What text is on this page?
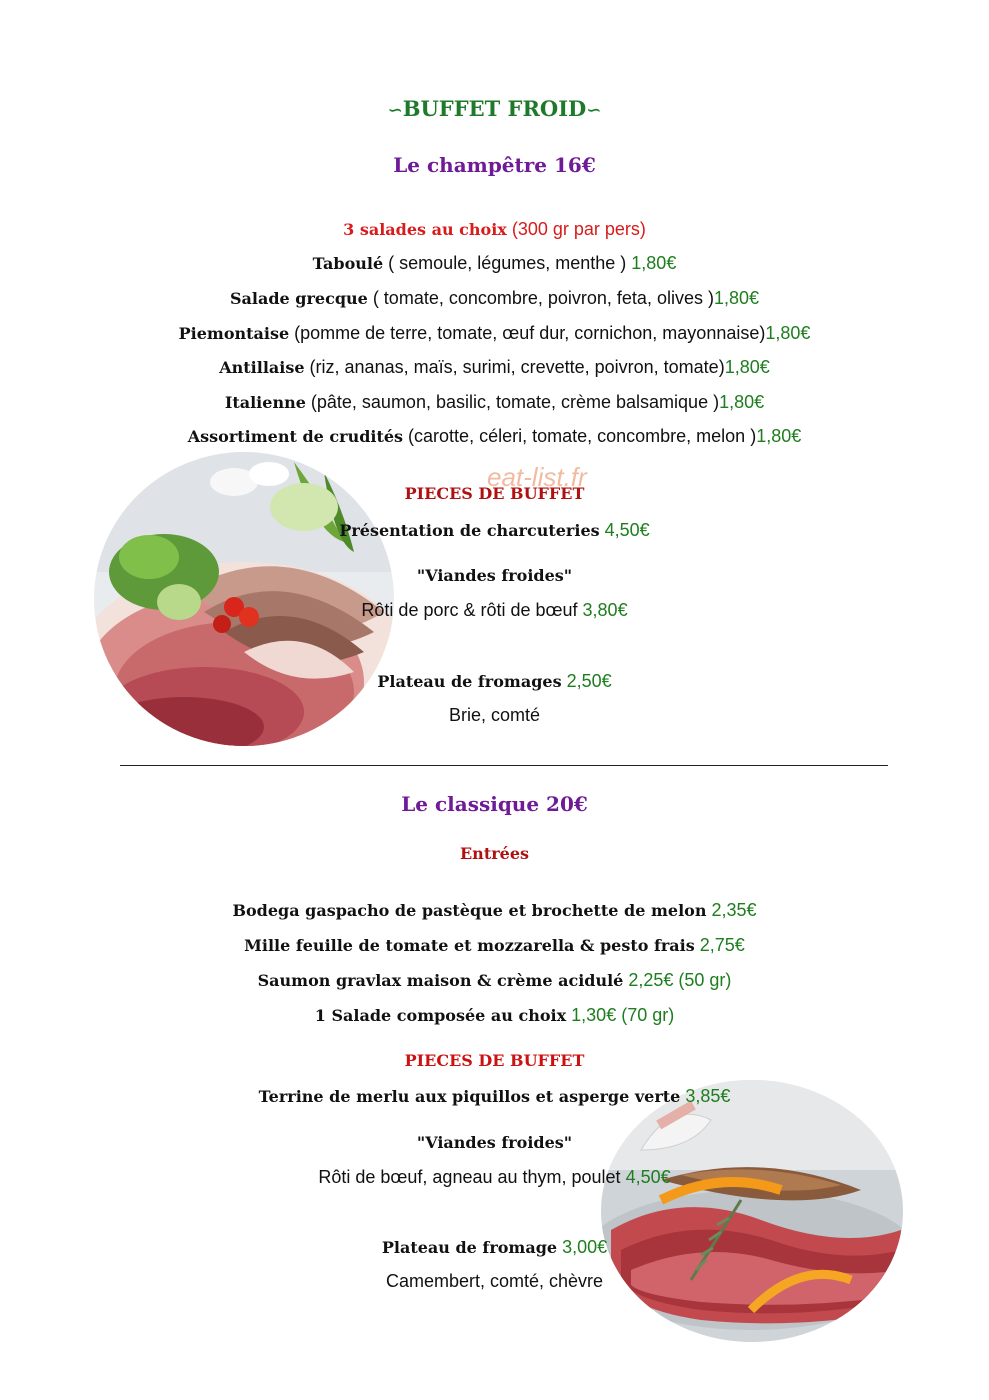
eat-list.fr
∽BUFFET FROID∽
Le champêtre 16€
3 salades au choix (300 gr par pers)
Taboulé ( semoule, légumes, menthe ) 1,80€
Salade grecque ( tomate, concombre, poivron, feta, olives )1,80€
Piemontaise (pomme de terre, tomate, œuf dur, cornichon, mayonnaise)1,80€
Antillaise (riz, ananas, maïs, surimi, crevette, poivron, tomate)1,80€
Italienne (pâte, saumon, basilic, tomate, crème balsamique )1,80€
Assortiment de crudités (carotte, céleri, tomate, concombre, melon )1,80€
PIECES DE BUFFET
Présentation de charcuteries 4,50€
"Viandes froides"
Rôti de porc & rôti de bœuf 3,80€
Plateau de fromages 2,50€
Brie, comté
Le classique 20€
Entrées
Bodega gaspacho de pastèque et brochette de melon 2,35€
Mille feuille de tomate et mozzarella & pesto frais 2,75€
Saumon gravlax maison & crème acidulé 2,25€ (50 gr)
1 Salade composée au choix 1,30€ (70 gr)
PIECES DE BUFFET
Terrine de merlu aux piquillos et asperge verte 3,85€
"Viandes froides"
Rôti de bœuf, agneau au thym, poulet 4,50€
Plateau de fromage 3,00€
Camembert, comté, chèvre
